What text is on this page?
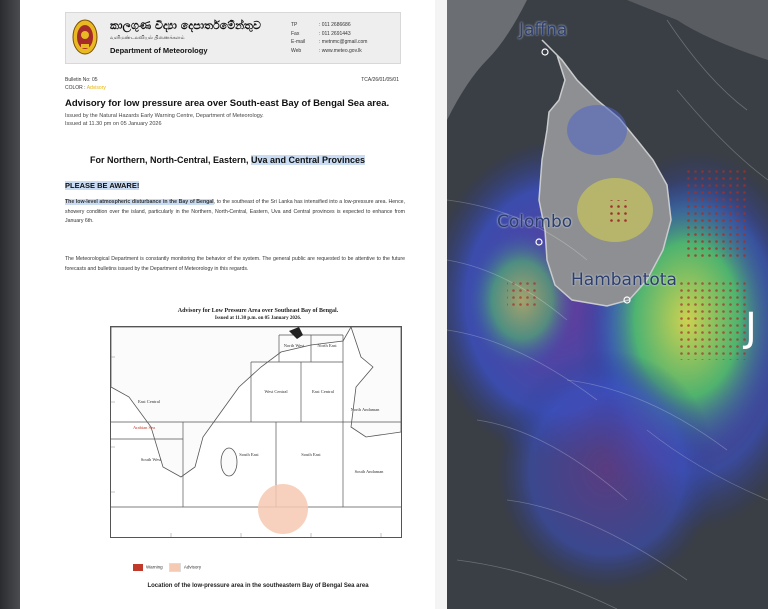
කාලගුණ විද්‍යා දෙපාර්තමේන්තුව
வளிமண்டலவியல் திணைக்களம்
Department of Meteorology
TP	: 011 2686686
Fax	: 011 2691443
E-mail	: metnmc@gmail.com
Web	: www.meteo.gov.lk
Bulletin No: 05	TCA/26/01/05/01
COLOR : Advisory
Advisory for low pressure area over South-east Bay of Bengal Sea area.
Issued by the Natural Hazards Early Warning Centre, Department of Meteorology.
Issued at 11.30 pm on 05 January 2026
For Northern, North-Central, Eastern, Uva and Central Provinces
PLEASE BE AWARE!
The low-level atmospheric disturbance in the Bay of Bengal, to the southeast of the Sri Lanka has intensified into a low-pressure area. Hence, showery condition over the island, particularly in the Northern, North-Central, Eastern, Uva and Central provinces is expected to enhance from January 6th.
The Meteorological Department is constantly monitoring the behavior of the system. The general public are requested to be attentive to the future forecasts and bulletins issued by the Department of Meteorology in this regards.
Advisory for Low Pressure Area over Southeast Bay of Bengal.
Issued at 11.30 p.m. on 05 January 2026.
North West	North East
West Central
East Central
East Central
North Andaman
Arabian Sea
South East
South West
South East
South Andaman
Warning	Advisory
Location of the low-pressure area in the southeastern Bay of Bengal Sea area
Jaffna
Colombo
Hambantota
J
